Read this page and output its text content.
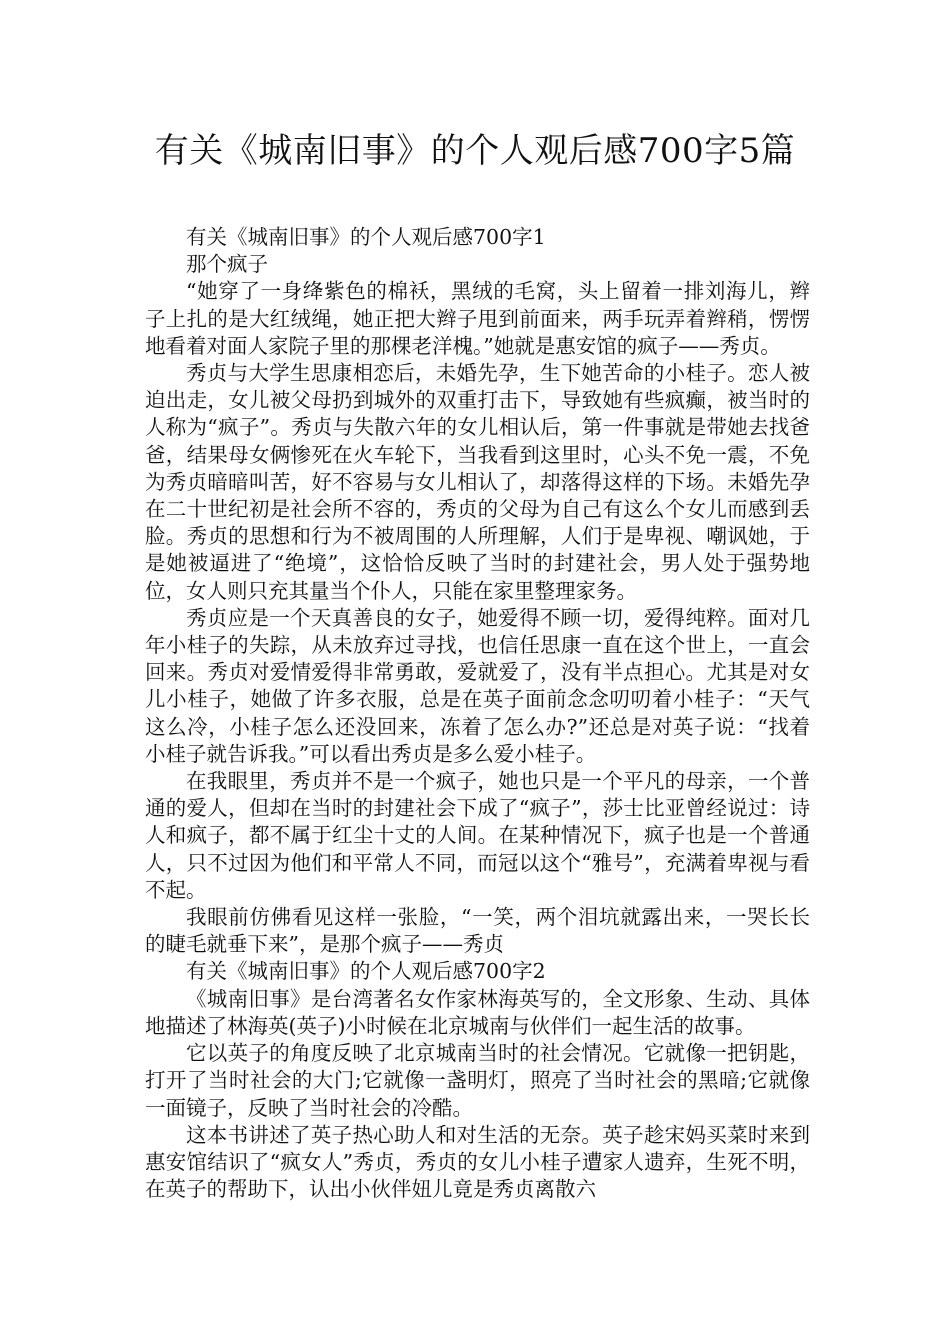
有关《城南旧事》的个人观后感700字5篇

有关《城南旧事》的个人观后感700字1

那个疯子

“她穿了一身绛紫色的棉袄，黑绒的毛窝，头上留着一排刘海儿，辫子上扎的是大红绒绳，她正把大辫子甩到前面来，两手玩弄着辫稍，愣愣地看着对面人家院子里的那棵老洋槐。”她就是惠安馆的疯子——秀贞。

秀贞与大学生思康相恋后，未婚先孕，生下她苦命的小桂子。恋人被迫出走，女儿被父母扔到城外的双重打击下，导致她有些疯癫，被当时的人称为“疯子”。秀贞与失散六年的女儿相认后，第一件事就是带她去找爸爸，结果母女俩惨死在火车轮下，当我看到这里时，心头不免一震，不免为秀贞暗暗叫苦，好不容易与女儿相认了，却落得这样的下场。未婚先孕在二十世纪初是社会所不容的，秀贞的父母为自己有这么个女儿而感到丢脸。秀贞的思想和行为不被周围的人所理解，人们于是卑视、嘲讽她，于是她被逼进了“绝境”，这恰恰反映了当时的封建社会，男人处于强势地位，女人则只充其量当个仆人，只能在家里整理家务。

秀贞应是一个天真善良的女子，她爱得不顾一切，爱得纯粹。面对几年小桂子的失踪，从未放弃过寻找，也信任思康一直在这个世上，一直会回来。秀贞对爱情爱得非常勇敢，爱就爱了，没有半点担心。尤其是对女儿小桂子，她做了许多衣服，总是在英子面前念念叨叨着小桂子：“天气这么冷，小桂子怎么还没回来，冻着了怎么办?”还总是对英子说：“找着小桂子就告诉我。”可以看出秀贞是多么爱小桂子。

在我眼里，秀贞并不是一个疯子，她也只是一个平凡的母亲，一个普通的爱人，但却在当时的封建社会下成了“疯子”，莎士比亚曾经说过：诗人和疯子，都不属于红尘十丈的人间。在某种情况下，疯子也是一个普通人，只不过因为他们和平常人不同，而冠以这个“雅号”，充满着卑视与看不起。

我眼前仿佛看见这样一张脸，“一笑，两个泪坑就露出来，一哭长长的睫毛就垂下来”，是那个疯子——秀贞

有关《城南旧事》的个人观后感700字2

《城南旧事》是台湾著名女作家林海英写的，全文形象、生动、具体地描述了林海英(英子)小时候在北京城南与伙伴们一起生活的故事。

它以英子的角度反映了北京城南当时的社会情况。它就像一把钥匙，打开了当时社会的大门;它就像一盏明灯，照亮了当时社会的黑暗;它就像一面镜子，反映了当时社会的冷酷。

这本书讲述了英子热心助人和对生活的无奈。英子趁宋妈买菜时来到惠安馆结识了“疯女人”秀贞，秀贞的女儿小桂子遭家人遗弃，生死不明，在英子的帮助下，认出小伙伴妞儿竟是秀贞离散六
